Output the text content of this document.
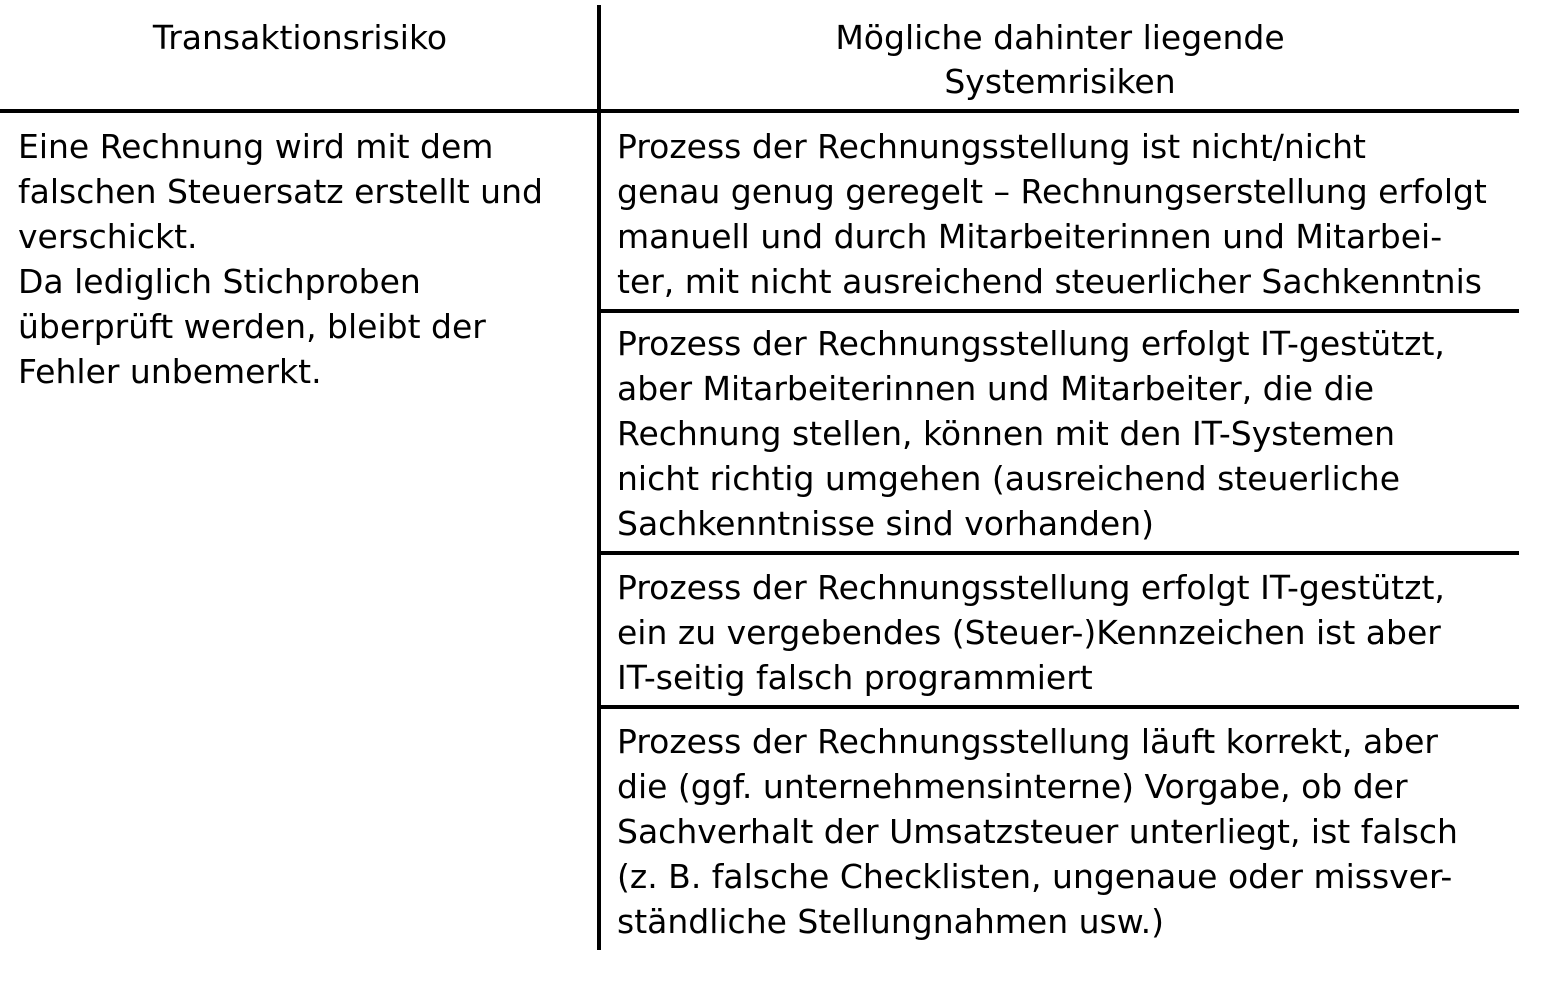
Transaktionsrisiko	Mögliche dahinter liegende
Systemrisiken
Eine Rechnung wird mit dem
falschen Steuersatz erstellt und
verschickt.
Da lediglich Stichproben
überprüft werden, bleibt der
Fehler unbemerkt.
Prozess der Rechnungsstellung ist nicht/nicht
genau genug geregelt – Rechnungserstellung erfolgt
manuell und durch Mitarbeiterinnen und Mitarbei-
ter, mit nicht ausreichend steuerlicher Sachkenntnis
Prozess der Rechnungsstellung erfolgt IT-gestützt,
aber Mitarbeiterinnen und Mitarbeiter, die die
Rechnung stellen, können mit den IT-Systemen
nicht richtig umgehen (ausreichend steuerliche
Sachkenntnisse sind vorhanden)
Prozess der Rechnungsstellung erfolgt IT-gestützt,
ein zu vergebendes (Steuer-)Kennzeichen ist aber
IT-seitig falsch programmiert
Prozess der Rechnungsstellung läuft korrekt, aber
die (ggf. unternehmensinterne) Vorgabe, ob der
Sachverhalt der Umsatzsteuer unterliegt, ist falsch
(z. B. falsche Checklisten, ungenaue oder missver-
ständliche Stellungnahmen usw.)
